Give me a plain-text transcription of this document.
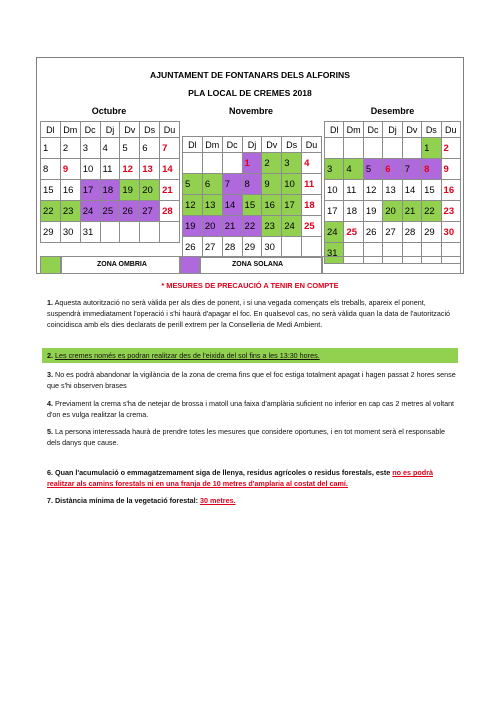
AJUNTAMENT DE FONTANARS DELS ALFORINS
PLA LOCAL DE CREMES 2018
Octubre	Novembre	Desembre
Dl	Dm	Dc	Dj	Dv	Ds	Du
1	2	3	4	5	6	7
8	9	10	11	12	13	14
15	16	17	18	19	20	21
22	23	24	25	26	27	28
29	30	31				
Dl	Dm	Dc	Dj	Dv	Ds	Du
			1	2	3	4
5	6	7	8	9	10	11
12	13	14	15	16	17	18
19	20	21	22	23	24	25
26	27	28	29	30		
Dl	Dm	Dc	Dj	Dv	Ds	Du
					1	2
3	4	5	6	7	8	9
10	11	12	13	14	15	16
17	18	19	20	21	22	23
24	25	26	27	28	29	30
31						
ZONA OMBRIA	ZONA SOLANA
* MESURES DE PRECAUCIÓ A TENIR EN COMPTE
1. Aquesta autorització no serà vàlida per als dies de ponent, i si una vegada començats els treballs, apareix el ponent, suspendrà immediatament l'operació i s'hi haurà d'apagar el foc. En qualsevol cas, no serà vàlida quan la data de l'autorització coincidisca amb els dies declarats de perill extrem per la Conselleria de Medi Ambient.
2. Les cremes només es podran realitzar des de l'eixida del sol fins a les 13:30 hores.
3. No es podrà abandonar la vigilància de la zona de crema fins que el foc estiga totalment apagat i hagen passat 2 hores sense que s'hi observen brases
4. Previament la crema s'ha de netejar de brossa i matoll una faixa d'amplària suficient no inferior en cap cas 2 metres al voltant d'on es vulga realitzar la crema.
5. La persona interessada haurà de prendre totes les mesures que considere oportunes, i en tot moment serà el responsable dels danys que cause.
6. Quan l'acumulació o emmagatzemament siga de llenya, residus agrícoles o residus forestals, este no es podrà realitzar als camins forestals ni en una franja de 10 metres d'amplaria al costat del camí.
7. Distància mínima de la vegetació forestal: 30 metres.
